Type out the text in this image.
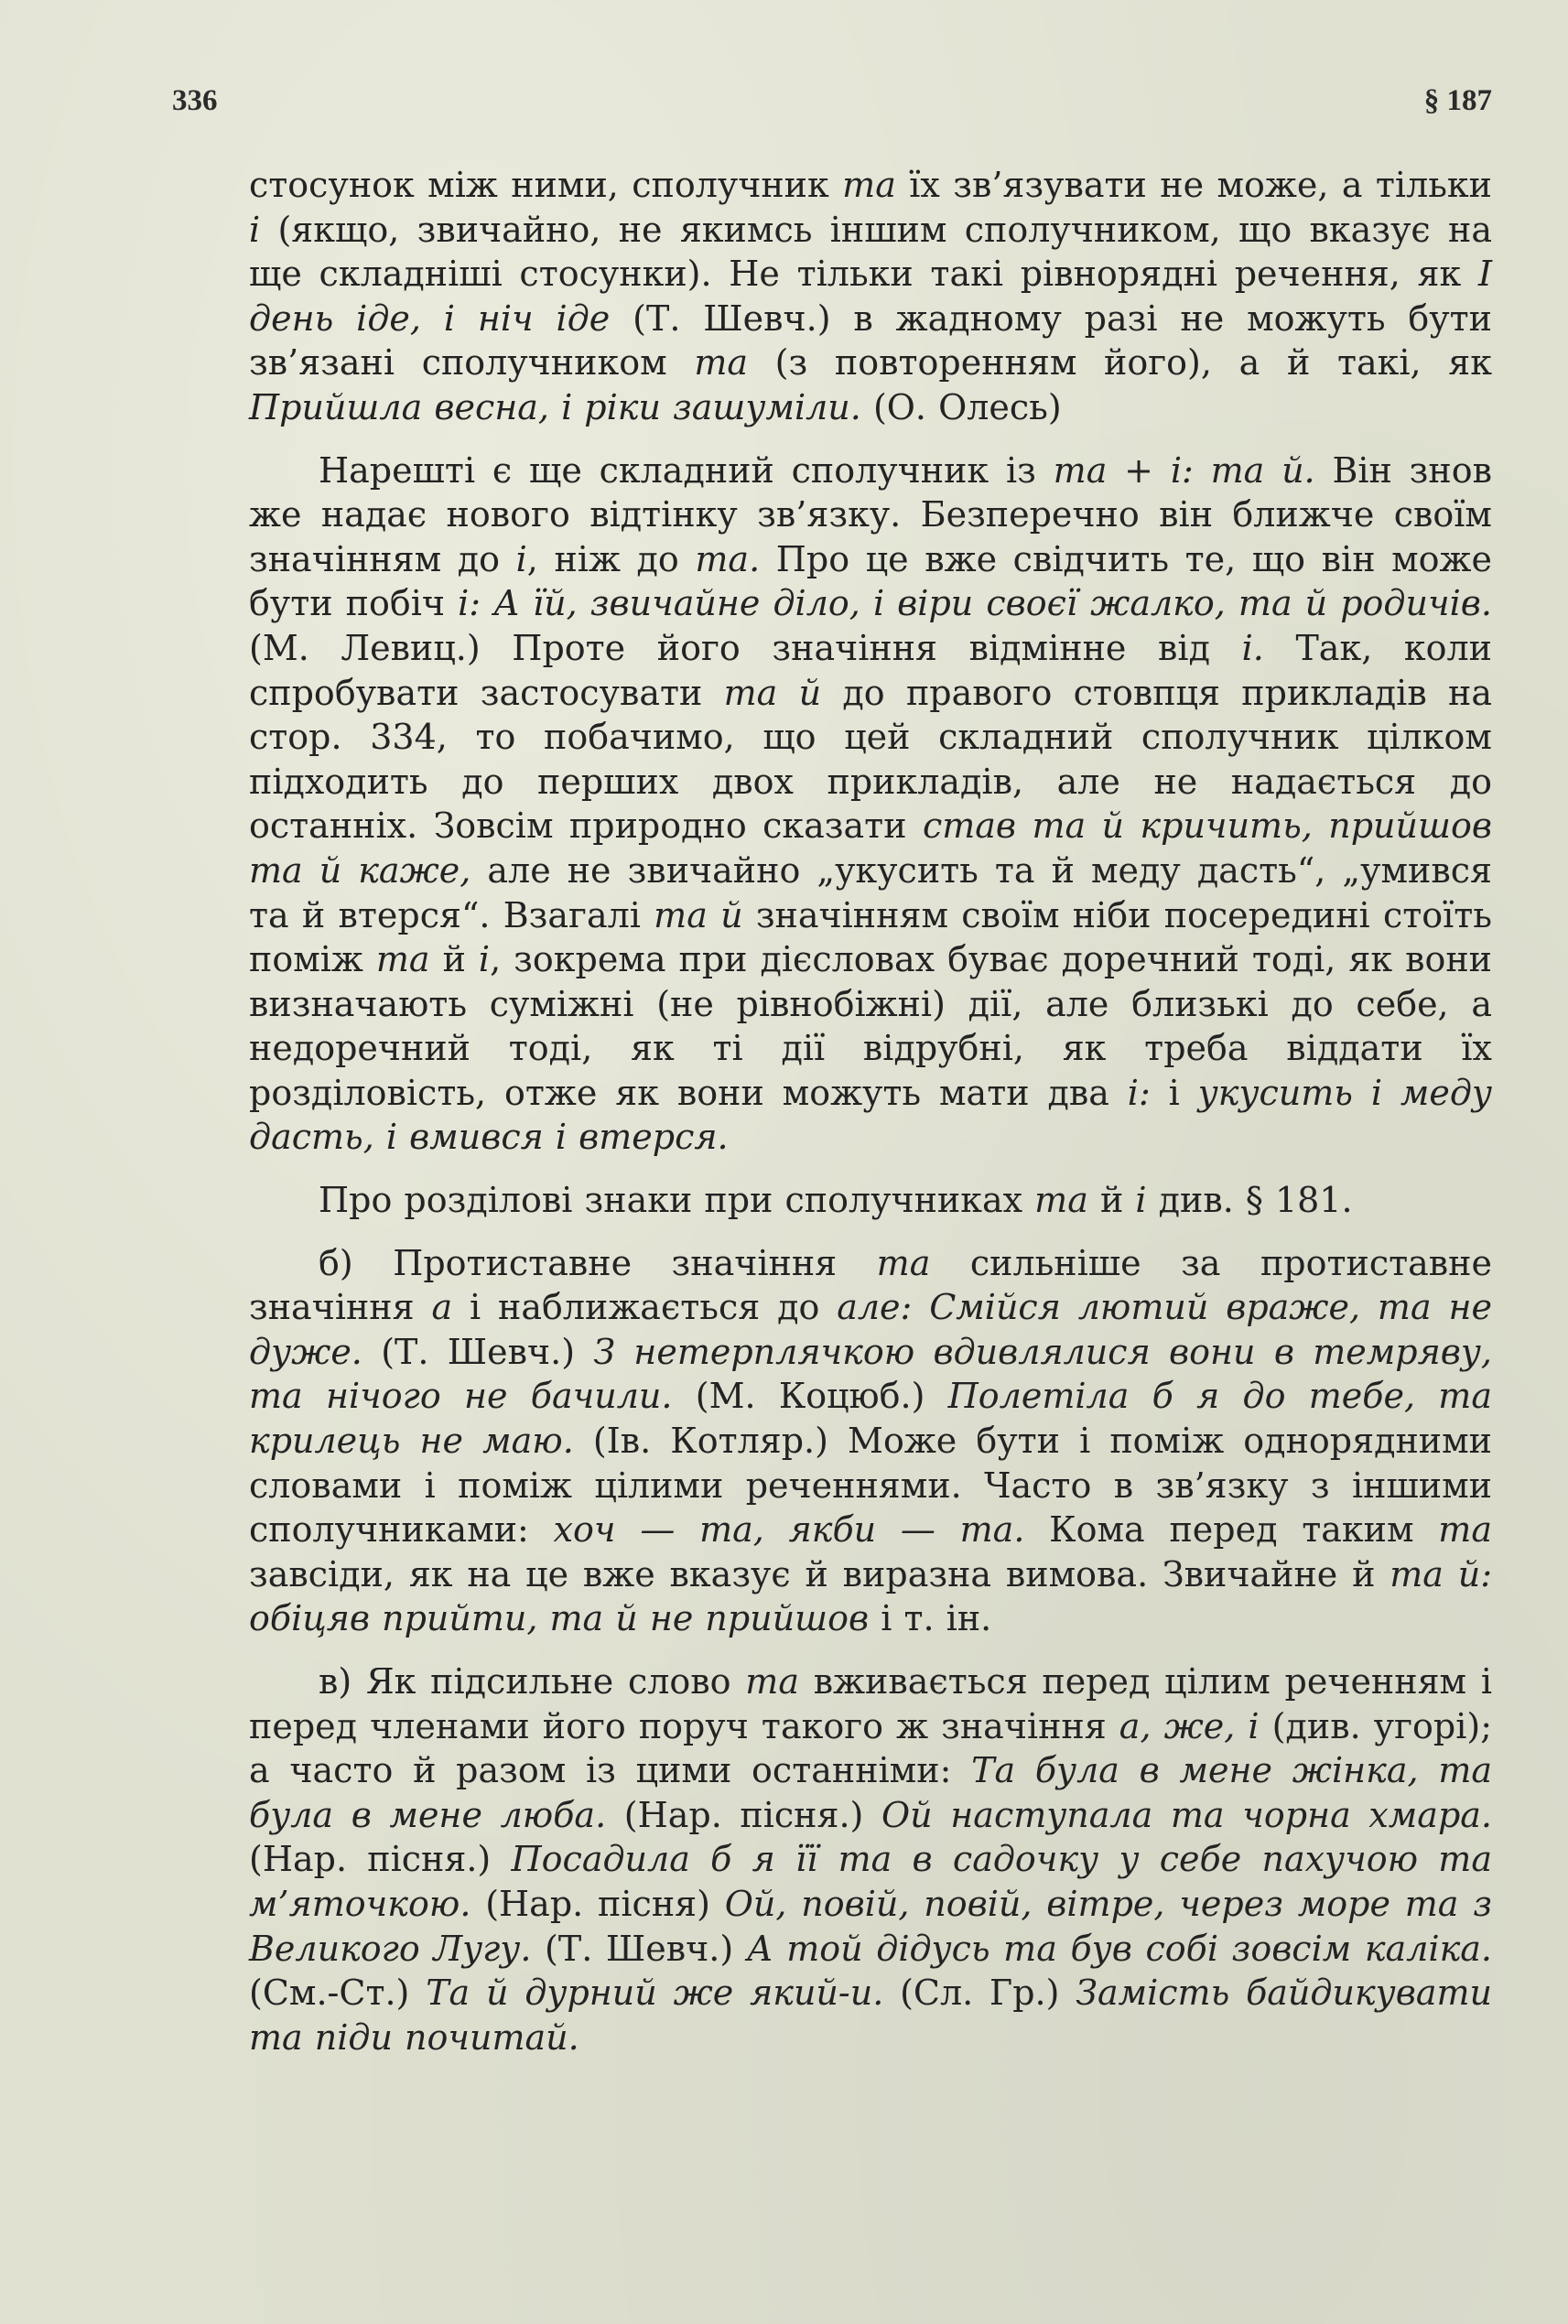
336	§ 187

стосунок між ними, сполучник та їх зв’язувати не може, а тільки і (якщо, звичайно, не якимсь іншим сполучником, що вказує на ще складніші стосунки). Не тільки такі рівнорядні речення, як І день іде, і ніч іде (Т. Шевч.) в жадному разі не можуть бути зв’язані сполучником та (з повторенням його), а й такі, як Прийшла весна, і ріки зашуміли. (О. Олесь)

Нарешті є ще складний сполучник із та + і: та й. Він знов же надає нового відтінку зв’язку. Безперечно він ближче своїм значінням до і, ніж до та. Про це вже свідчить те, що він може бути побіч і: А їй, звичайне діло, і віри своєї жалко, та й родичів. (М. Левиц.) Проте його значіння відмінне від і. Так, коли спробувати застосувати та й до правого стовпця прикладів на стор. 334, то побачимо, що цей складний сполучник цілком підходить до перших двох прикладів, але не надається до останніх. Зовсім природно сказати став та й кричить, прийшов та й каже, але не звичайно „укусить та й меду дасть“, „умився та й втерся“. Взагалі та й значінням своїм ніби посередині стоїть поміж та й і, зокрема при дієсловах буває доречний тоді, як вони визначають суміжні (не рівнобіжні) дії, але близькі до себе, а недоречний тоді, як ті дії відрубні, як треба віддати їх розділовість, отже як вони можуть мати два і: і укусить і меду дасть, і вмився і втерся.

Про розділові знаки при сполучниках та й і див. § 181.

б) Протиставне значіння та сильніше за протиставне значіння а і наближається до але: Смійся лютий враже, та не дуже. (Т. Шевч.) З нетерплячкою вдивлялися вони в темряву, та нічого не бачили. (М. Коцюб.) Полетіла б я до тебе, та крилець не маю. (Ів. Котляр.) Може бути і поміж однорядними словами і поміж цілими реченнями. Часто в зв’язку з іншими сполучниками: хоч — та, якби — та. Кома перед таким та завсіди, як на це вже вказує й виразна вимова. Звичайне й та й: обіцяв прийти, та й не прийшов і т. ін.

в) Як підсильне слово та вживається перед цілим реченням і перед членами його поруч такого ж значіння а, же, і (див. угорі); а часто й разом із цими останніми: Та була в мене жінка, та була в мене люба. (Нар. пісня.) Ой наступала та чорна хмара. (Нар. пісня.) Посадила б я її та в садочку у себе пахучою та м’яточкою. (Нар. пісня) Ой, повій, повій, вітре, через море та з Великого Лугу. (Т. Шевч.) А той дідусь та був собі зовсім каліка. (См.-Ст.) Та й дурний же який-и. (Сл. Гр.) Замість байдикувати та піди почитай.
